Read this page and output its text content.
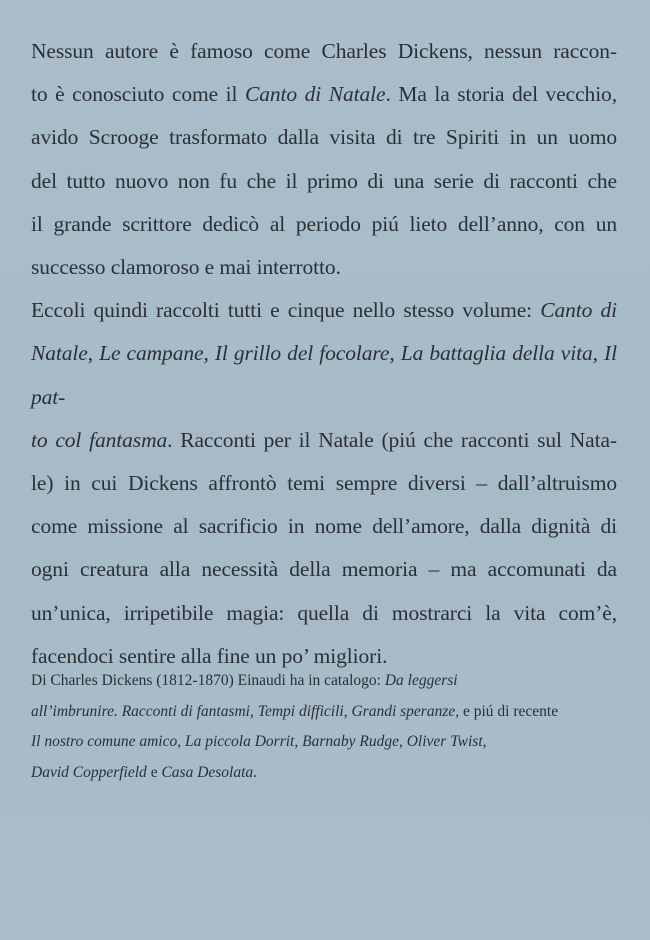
Nessun autore è famoso come Charles Dickens, nessun raccon-
to è conosciuto come il Canto di Natale. Ma la storia del vecchio,
avido Scrooge trasformato dalla visita di tre Spiriti in un uomo
del tutto nuovo non fu che il primo di una serie di racconti che
il grande scrittore dedicò al periodo piú lieto dell’anno, con un
successo clamoroso e mai interrotto.

Eccoli quindi raccolti tutti e cinque nello stesso volume: Canto di
Natale, Le campane, Il grillo del focolare, La battaglia della vita, Il pat-
to col fantasma. Racconti per il Natale (piú che racconti sul Nata-
le) in cui Dickens affrontò temi sempre diversi – dall’altruismo
come missione al sacrificio in nome dell’amore, dalla dignità di
ogni creatura alla necessità della memoria – ma accomunati da
un’unica, irripetibile magia: quella di mostrarci la vita com’è,
facendoci sentire alla fine un po’ migliori.

Di Charles Dickens (1812-1870) Einaudi ha in catalogo: Da leggersi
all’imbrunire. Racconti di fantasmi, Tempi difficili, Grandi speranze, e piú di recente
Il nostro comune amico, La piccola Dorrit, Barnaby Rudge, Oliver Twist,
David Copperfield e Casa Desolata.
